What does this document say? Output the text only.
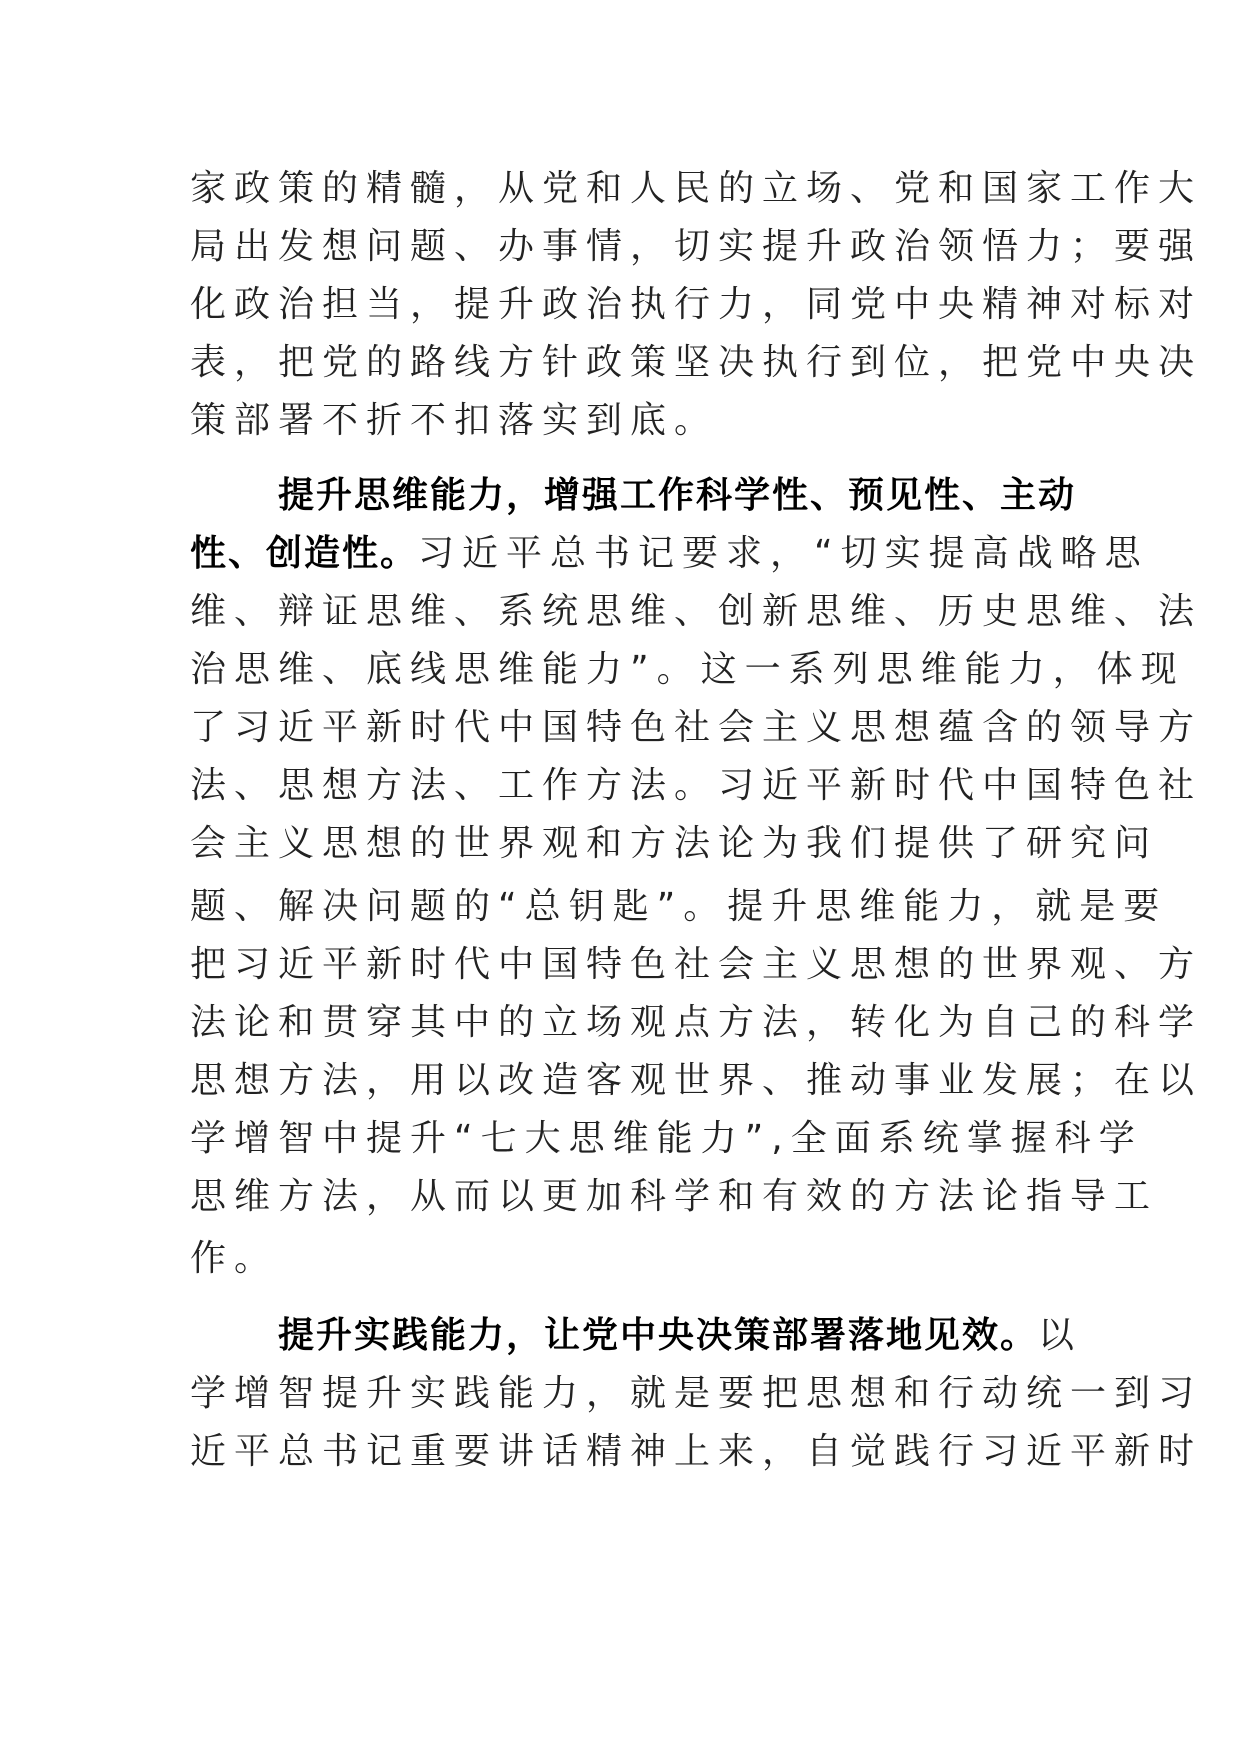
家政策的精髓，从党和人民的立场、党和国家工作大
局出发想问题、办事情，切实提升政治领悟力；要强
化政治担当，提升政治执行力，同党中央精神对标对
表，把党的路线方针政策坚决执行到位，把党中央决
策部署不折不扣落实到底。
提升思维能力，增强工作科学性、预见性、主动
性、创造性。习近平总书记要求，“切实提高战略思
维、辩证思维、系统思维、创新思维、历史思维、法
治思维、底线思维能力”。这一系列思维能力，体现
了习近平新时代中国特色社会主义思想蕴含的领导方
法、思想方法、工作方法。习近平新时代中国特色社
会主义思想的世界观和方法论为我们提供了研究问
题、解决问题的“总钥匙”。提升思维能力，就是要
把习近平新时代中国特色社会主义思想的世界观、方
法论和贯穿其中的立场观点方法，转化为自己的科学
思想方法，用以改造客观世界、推动事业发展；在以
学增智中提升“七大思维能力”,全面系统掌握科学
思维方法，从而以更加科学和有效的方法论指导工
作。
提升实践能力，让党中央决策部署落地见效。以
学增智提升实践能力，就是要把思想和行动统一到习
近平总书记重要讲话精神上来，自觉践行习近平新时
